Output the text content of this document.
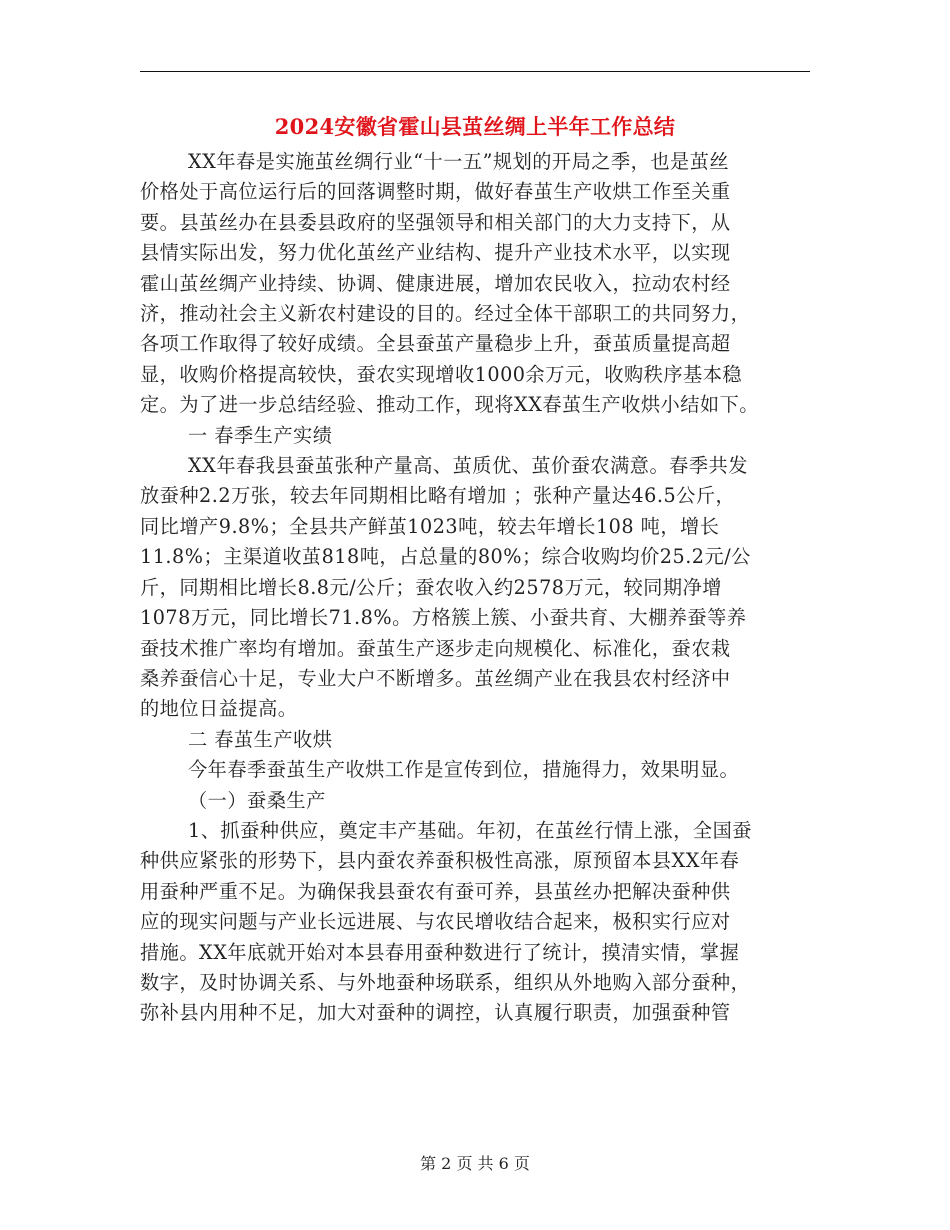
2024安徽省霍山县茧丝绸上半年工作总结

XX年春是实施茧丝绸行业“十一五”规划的开局之季，也是茧丝

价格处于高位运行后的回落调整时期，做好春茧生产收烘工作至关重

要。县茧丝办在县委县政府的坚强领导和相关部门的大力支持下，从

县情实际出发，努力优化茧丝产业结构、提升产业技术水平，以实现

霍山茧丝绸产业持续、协调、健康进展，增加农民收入，拉动农村经

济，推动社会主义新农村建设的目的。经过全体干部职工的共同努力，

各项工作取得了较好成绩。全县蚕茧产量稳步上升，蚕茧质量提高超

显，收购价格提高较快，蚕农实现增收1000余万元，收购秩序基本稳

定。为了进一步总结经验、推动工作，现将XX春茧生产收烘小结如下。

一 春季生产实绩

XX年春我县蚕茧张种产量高、茧质优、茧价蚕农满意。春季共发

放蚕种2.2万张，较去年同期相比略有增加 ；张种产量达46.5公斤，

同比增产9.8%；全县共产鲜茧1023吨，较去年增长108 吨，增长

11.8%；主渠道收茧818吨，占总量的80%；综合收购均价25.2元/公

斤，同期相比增长8.8元/公斤；蚕农收入约2578万元，较同期净增

1078万元，同比增长71.8%。方格簇上簇、小蚕共育、大棚养蚕等养

蚕技术推广率均有增加。蚕茧生产逐步走向规模化、标准化，蚕农栽

桑养蚕信心十足，专业大户不断增多。茧丝绸产业在我县农村经济中

的地位日益提高。

二 春茧生产收烘

今年春季蚕茧生产收烘工作是宣传到位，措施得力，效果明显。

（一）蚕桑生产

1、抓蚕种供应，奠定丰产基础。年初，在茧丝行情上涨，全国蚕

种供应紧张的形势下，县内蚕农养蚕积极性高涨，原预留本县XX年春

用蚕种严重不足。为确保我县蚕农有蚕可养，县茧丝办把解决蚕种供

应的现实问题与产业长远进展、与农民增收结合起来，极积实行应对

措施。XX年底就开始对本县春用蚕种数进行了统计，摸清实情，掌握

数字，及时协调关系、与外地蚕种场联系，组织从外地购入部分蚕种，

弥补县内用种不足，加大对蚕种的调控，认真履行职责，加强蚕种管

第 2 页 共 6 页
